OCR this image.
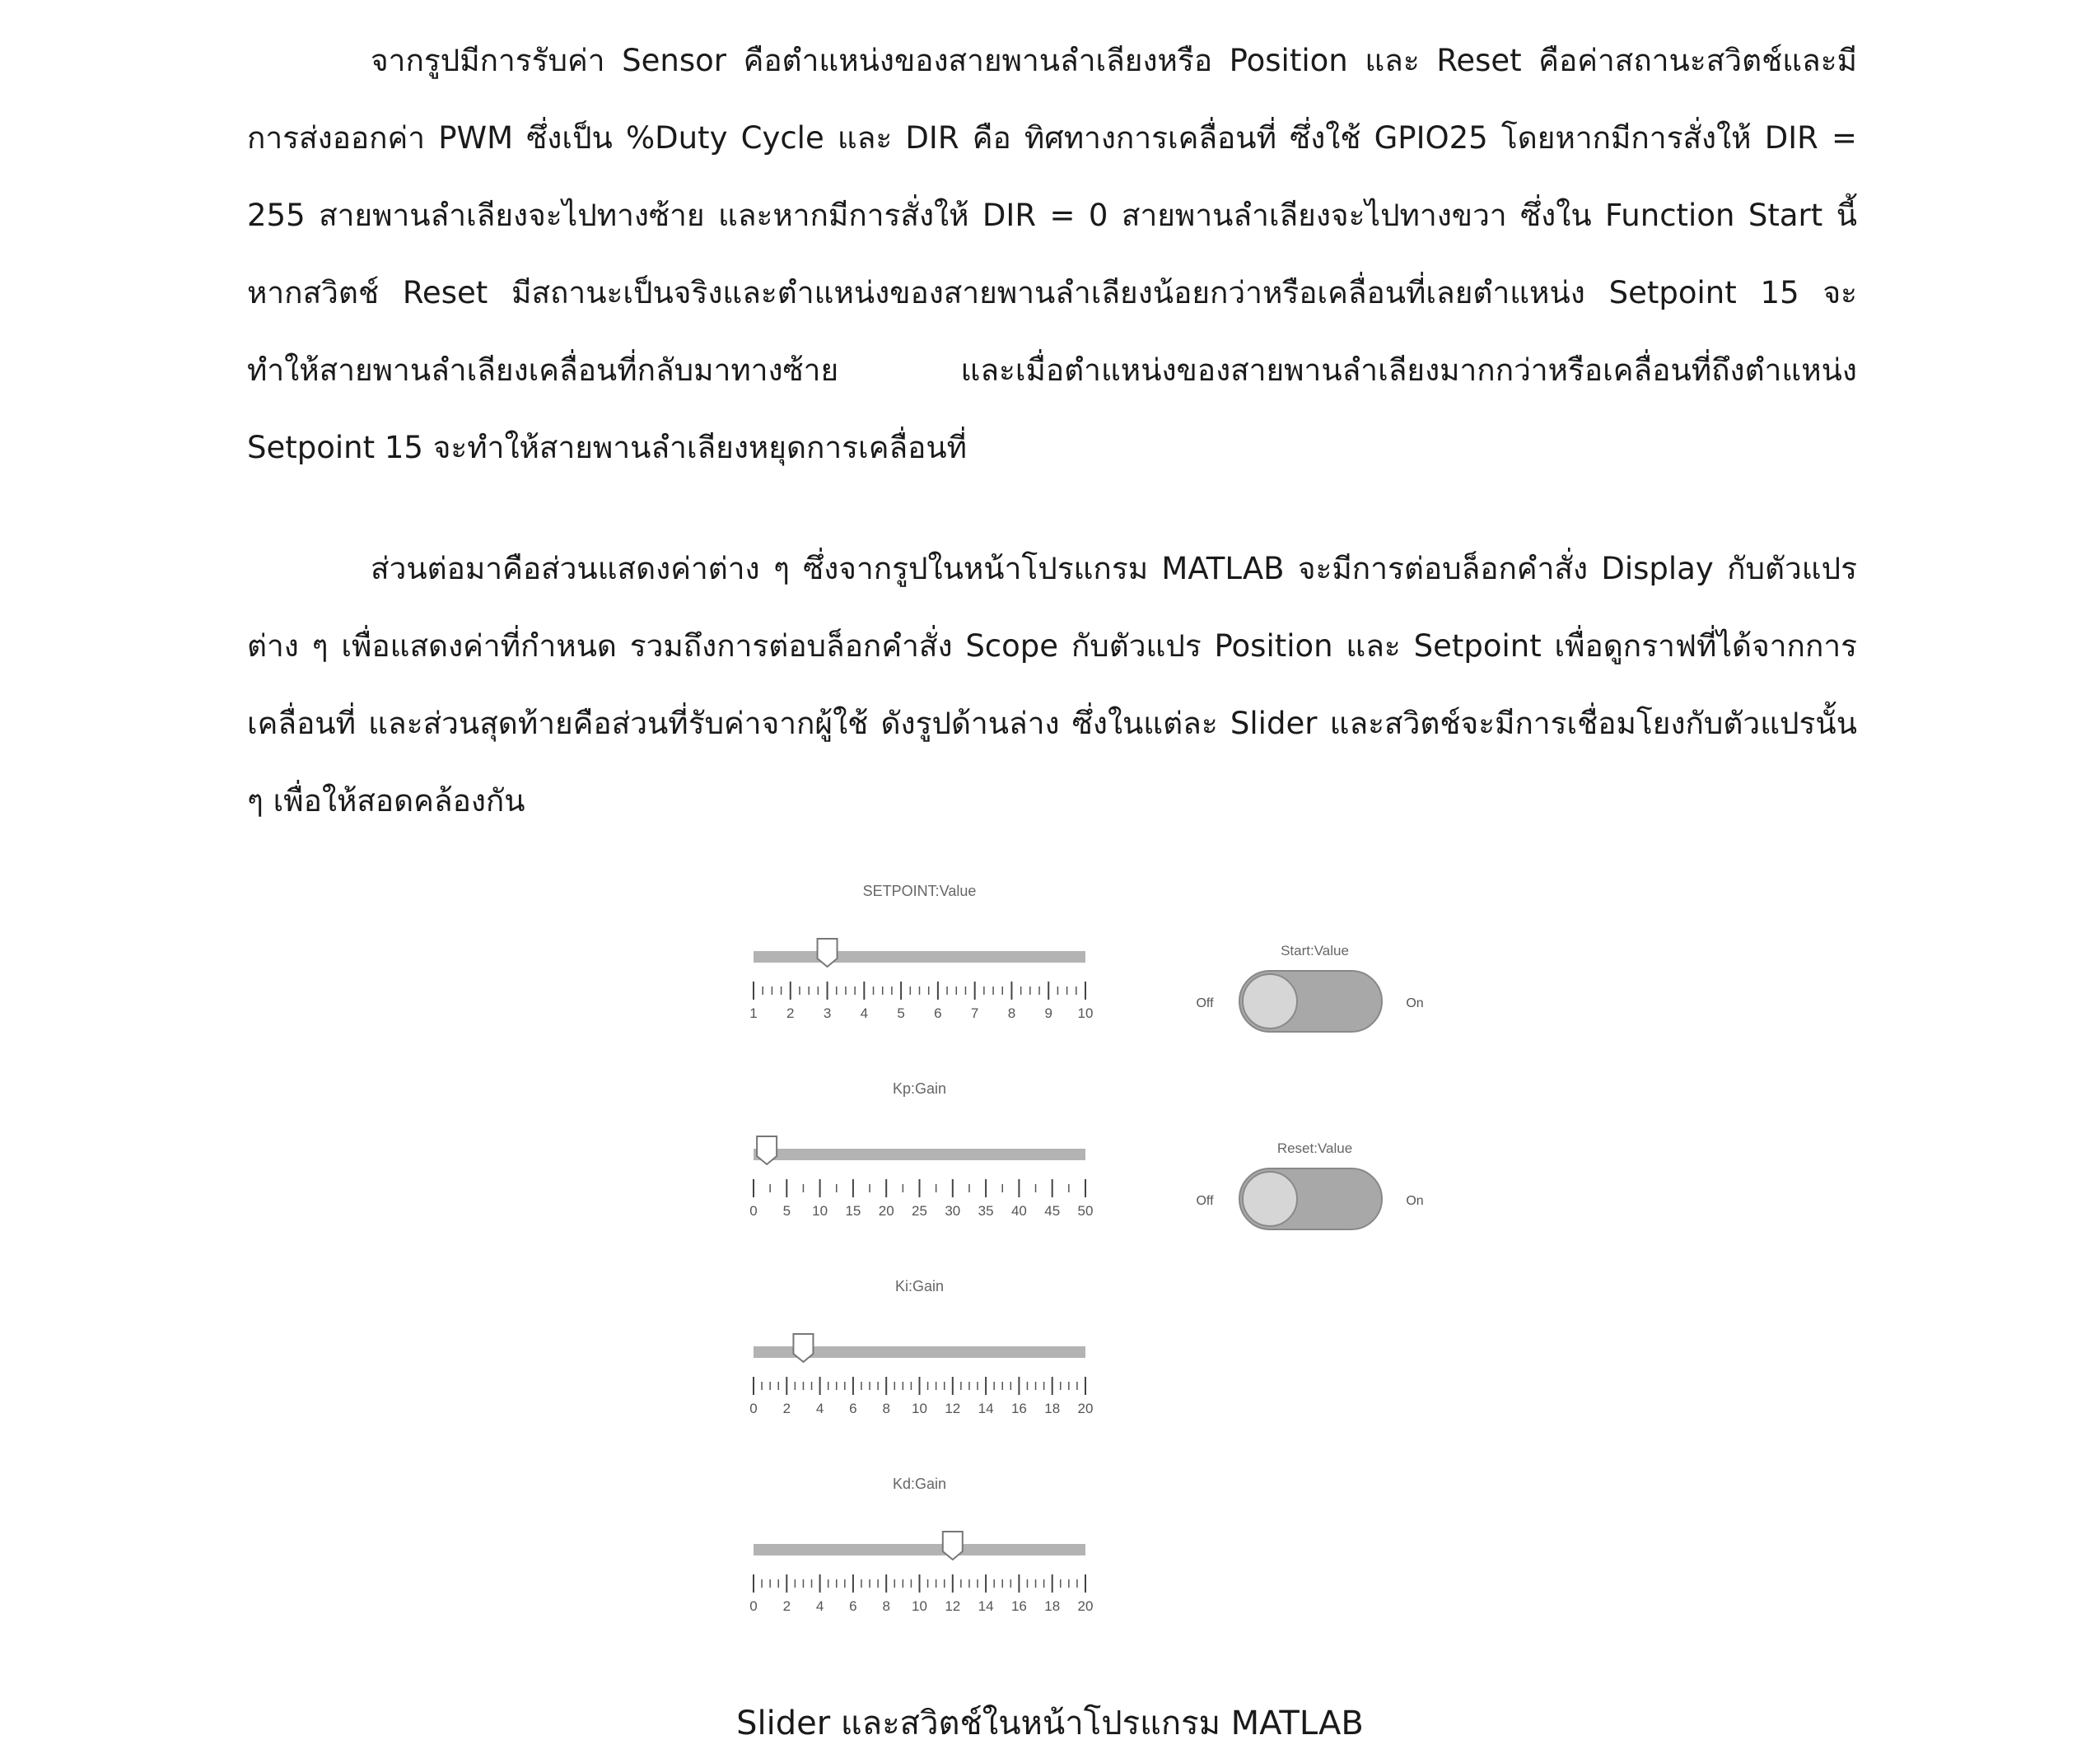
จากรูปมีการรับค่า Sensor คือตำแหน่งของสายพานลำเลียงหรือ Position และ Reset คือค่าสถานะสวิตช์และมีการส่งออกค่า PWM ซึ่งเป็น %Duty Cycle และ DIR คือ ทิศทางการเคลื่อนที่ ซึ่งใช้ GPIO25 โดยหากมีการสั่งให้ DIR = 255 สายพานลำเลียงจะไปทางซ้าย และหากมีการสั่งให้ DIR = 0 สายพานลำเลียงจะไปทางขวา ซึ่งใน Function Start นี้หากสวิตช์ Reset มีสถานะเป็นจริงและตำแหน่งของสายพานลำเลียงน้อยกว่าหรือเคลื่อนที่เลยตำแหน่ง Setpoint 15 จะทำให้สายพานลำเลียงเคลื่อนที่กลับมาทางซ้าย และเมื่อตำแหน่งของสายพานลำเลียงมากกว่าหรือเคลื่อนที่ถึงตำแหน่ง Setpoint 15 จะทำให้สายพานลำเลียงหยุดการเคลื่อนที่

ส่วนต่อมาคือส่วนแสดงค่าต่าง ๆ ซึ่งจากรูปในหน้าโปรแกรม MATLAB จะมีการต่อบล็อกคำสั่ง Display กับตัวแปรต่าง ๆ เพื่อแสดงค่าที่กำหนด รวมถึงการต่อบล็อกคำสั่ง Scope กับตัวแปร Position และ Setpoint เพื่อดูกราฟที่ได้จากการเคลื่อนที่ และส่วนสุดท้ายคือส่วนที่รับค่าจากผู้ใช้ ดังรูปด้านล่าง ซึ่งในแต่ละ Slider และสวิตช์จะมีการเชื่อมโยงกับตัวแปรนั้น ๆ เพื่อให้สอดคล้องกัน

SETPOINT:Value
1 2 3 4 5 6 7 8 9 10
Kp:Gain
0 5 10 15 20 25 30 35 40 45 50
Ki:Gain
0 2 4 6 8 10 12 14 16 18 20
Kd:Gain
0 2 4 6 8 10 12 14 16 18 20
Start:Value
Off	On
Reset:Value
Off	On
Slider และสวิตช์ในหน้าโปรแกรม MATLAB
